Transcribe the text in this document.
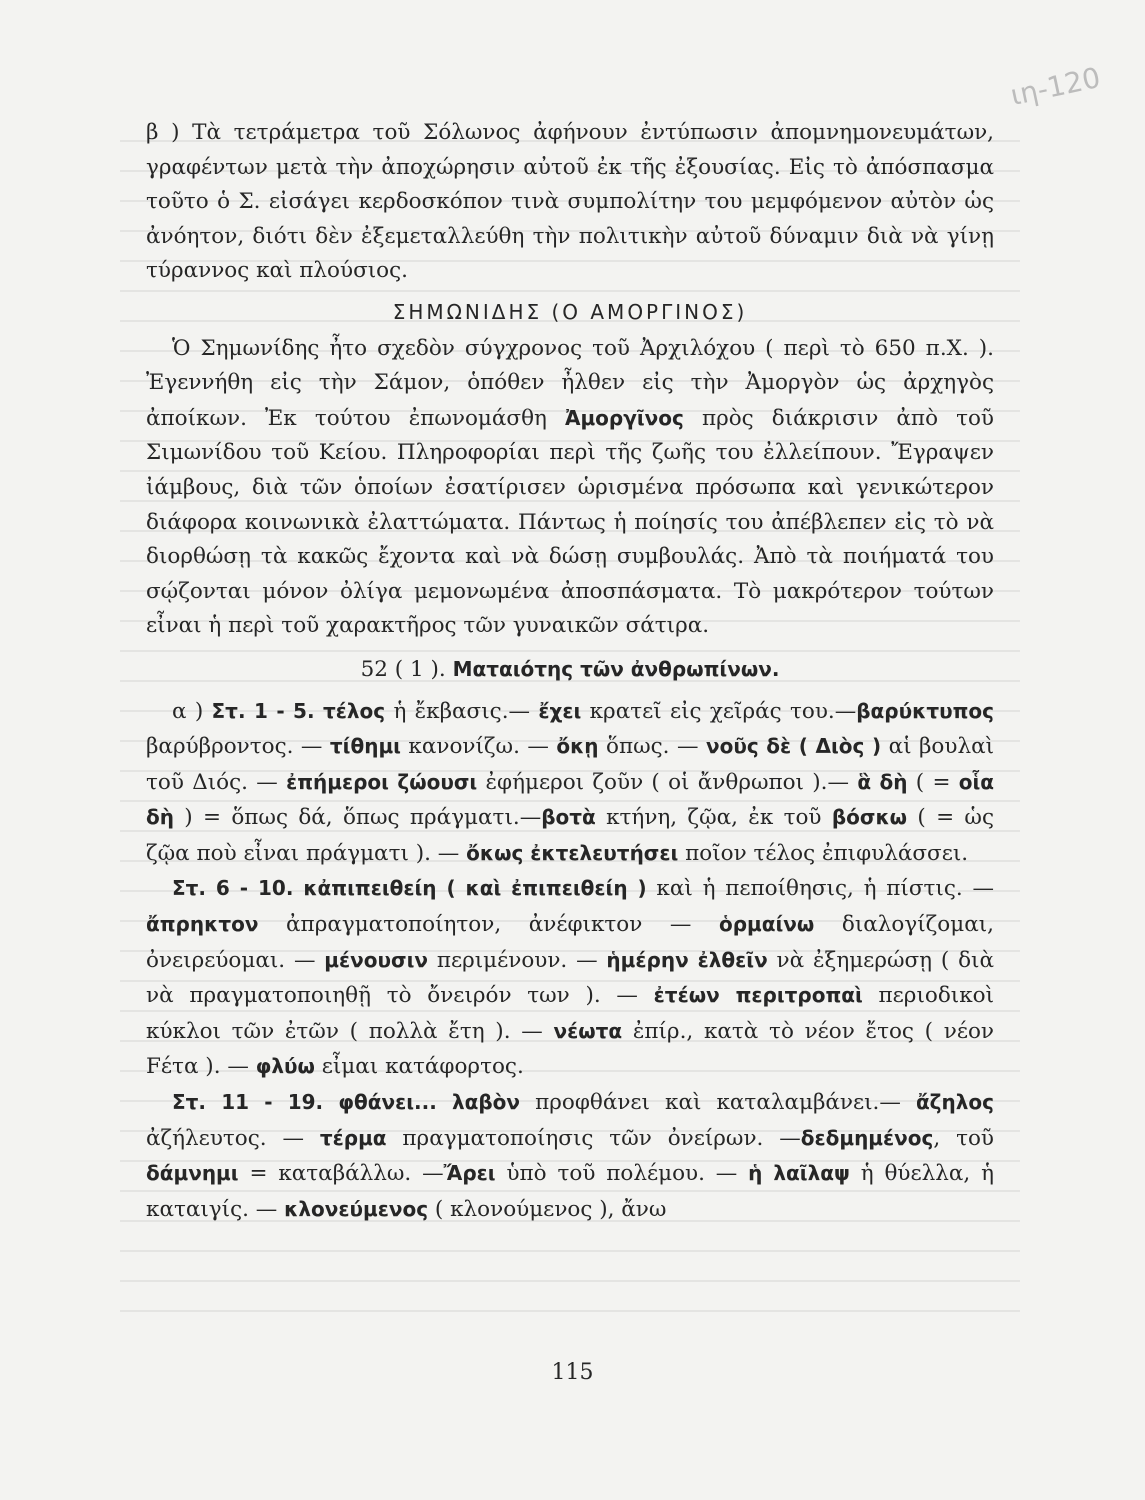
ιη-120

β ) Τὰ τετράμετρα τοῦ Σόλωνος ἀφήνουν ἐντύπωσιν ἀπομνημονευμάτων, γραφέντων μετὰ τὴν ἀποχώρησιν αὐτοῦ ἐκ τῆς ἐξουσίας. Εἰς τὸ ἀπόσπασμα τοῦτο ὁ Σ. εἰσάγει κερδοσκόπον τινὰ συμπολίτην του μεμφόμενον αὐτὸν ὡς ἀνόητον, διότι δὲν ἐξεμεταλλεύθη τὴν πολιτικὴν αὐτοῦ δύναμιν διὰ νὰ γίνῃ τύραννος καὶ πλούσιος.

ΣΗΜΩΝΙΔΗΣ (Ο ΑΜΟΡΓΙΝΟΣ)

Ὁ Σημωνίδης ἦτο σχεδὸν σύγχρονος τοῦ Ἀρχιλόχου ( περὶ τὸ 650 π.Χ. ). Ἐγεννήθη εἰς τὴν Σάμον, ὁπόθεν ἦλθεν εἰς τὴν Ἀμοργὸν ὡς ἀρχηγὸς ἀποίκων. Ἐκ τούτου ἐπωνομάσθη Ἀμοργῖνος πρὸς διάκρισιν ἀπὸ τοῦ Σιμωνίδου τοῦ Κείου. Πληροφορίαι περὶ τῆς ζωῆς του ἐλλείπουν. Ἔγραψεν ἰάμβους, διὰ τῶν ὁποίων ἐσατίρισεν ὡρισμένα πρόσωπα καὶ γενικώτερον διάφορα κοινωνικὰ ἐλαττώματα. Πάντως ἡ ποίησίς του ἀπέβλεπεν εἰς τὸ νὰ διορθώσῃ τὰ κακῶς ἔχοντα καὶ νὰ δώσῃ συμβουλάς. Ἀπὸ τὰ ποιήματά του σῴζονται μόνον ὀλίγα μεμονωμένα ἀποσπάσματα. Τὸ μακρότερον τούτων εἶναι ἡ περὶ τοῦ χαρακτῆρος τῶν γυναικῶν σάτιρα.

52 ( 1 ). Ματαιότης τῶν ἀνθρωπίνων.

α ) Στ. 1 - 5. τέλος ἡ ἔκβασις.— ἔχει κρατεῖ εἰς χεῖράς του.—βαρύκτυπος βαρύβροντος. — τίθημι κανονίζω. — ὄκῃ ὅπως. — νοῦς δὲ ( Διὸς ) αἱ βουλαὶ τοῦ Διός. — ἐπήμεροι ζώουσι ἐφήμεροι ζοῦν ( οἱ ἄνθρωποι ).— ἃ δὴ ( = οἷα δὴ ) = ὅπως δά, ὅπως πράγματι.—βοτὰ κτήνη, ζῷα, ἐκ τοῦ βόσκω ( = ὡς ζῷα ποὺ εἶναι πράγματι ). — ὄκως ἐκτελευτήσει ποῖον τέλος ἐπιφυλάσσει.

Στ. 6 - 10. κἀπιπειθείη ( καὶ ἐπιπειθείη ) καὶ ἡ πεποίθησις, ἡ πίστις. — ἄπρηκτον ἀπραγματοποίητον, ἀνέφικτον — ὁρμαίνω διαλογίζομαι, ὀνειρεύομαι. — μένουσιν περιμένουν. — ἡμέρην ἐλθεῖν νὰ ἐξημερώσῃ ( διὰ νὰ πραγματοποιηθῇ τὸ ὄνειρόν των ). — ἐτέων περιτροπαὶ περιοδικοὶ κύκλοι τῶν ἐτῶν ( πολλὰ ἔτη ). — νέωτα ἐπίρ., κατὰ τὸ νέον ἔτος ( νέον Fέτα ). — φλύω εἶμαι κατάφορτος.

Στ. 11 - 19. φθάνει... λαβὸν προφθάνει καὶ καταλαμβάνει.— ἄζηλος ἀζήλευτος. — τέρμα πραγματοποίησις τῶν ὀνείρων. —δεδμημένος, τοῦ δάμνημι = καταβάλλω. —Ἄρει ὑπὸ τοῦ πολέμου. — ἡ λαῖλαψ ἡ θύελλα, ἡ καταιγίς. — κλονεύμενος ( κλονούμενος ), ἄνω

115
